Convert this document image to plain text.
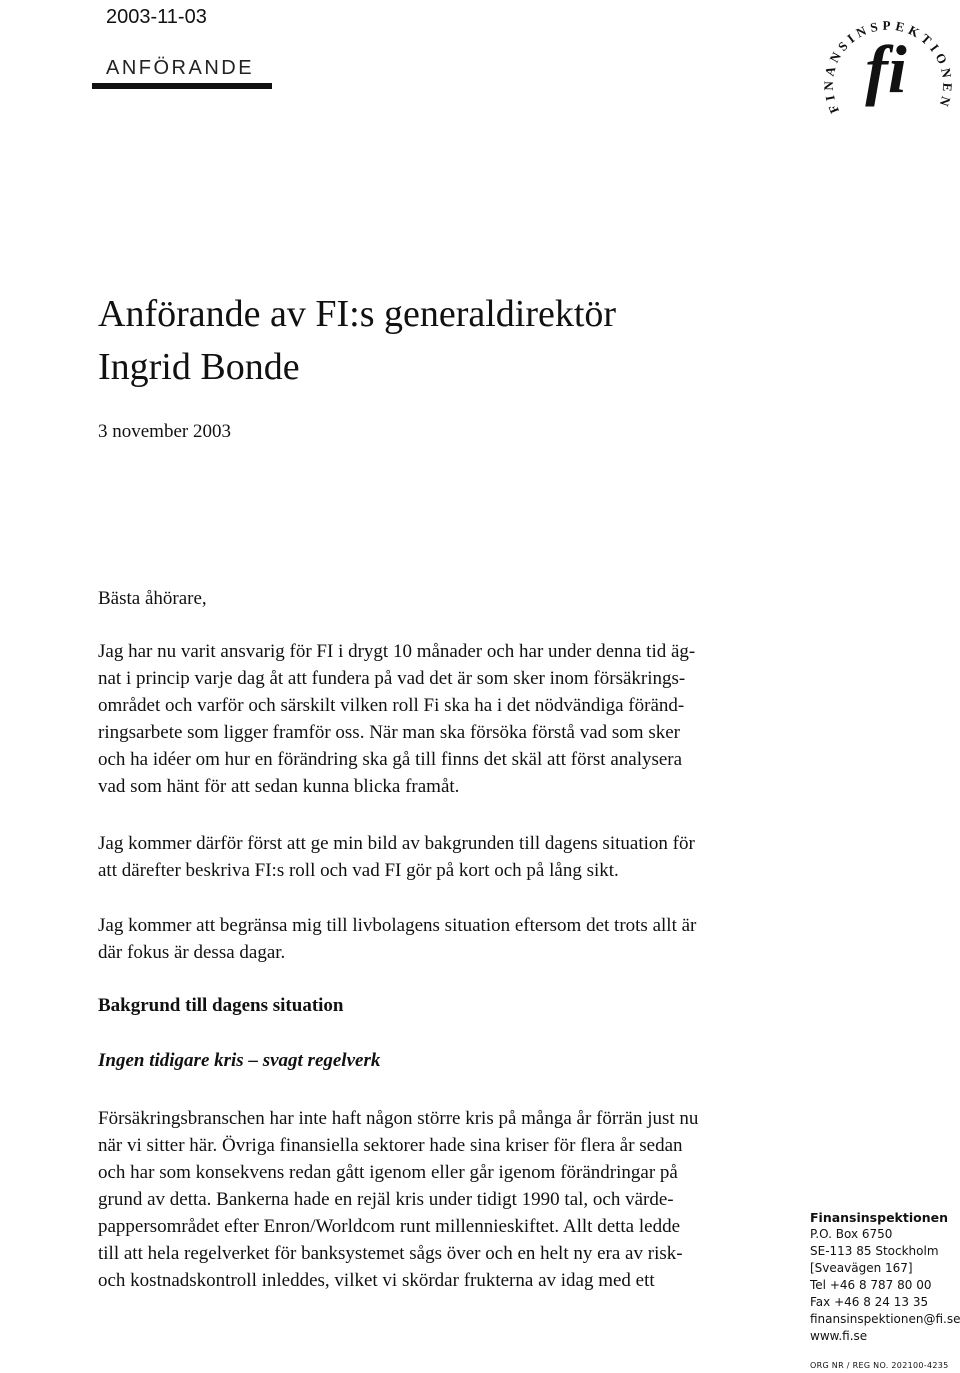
2003-11-03
ANFÖRANDE
FINANSINSPEKTIONEN
fi
Anförande av FI:s generaldirektör
Ingrid Bonde
3 november 2003

Bästa åhörare,

Jag har nu varit ansvarig för FI i drygt 10 månader och har under denna tid äg-
nat i princip varje dag åt att fundera på vad det är som sker inom försäkrings-
området och varför och särskilt vilken roll Fi ska ha i det nödvändiga föränd-
ringsarbete som ligger framför oss. När man ska försöka förstå vad som sker
och ha idéer om hur en förändring ska gå till finns det skäl att först analysera
vad som hänt för att sedan kunna blicka framåt.

Jag kommer därför först att ge min bild av bakgrunden till dagens situation för
att därefter beskriva FI:s roll och vad FI gör på kort och på lång sikt.

Jag kommer att begränsa mig till livbolagens situation eftersom det trots allt är
där fokus är dessa dagar.

Bakgrund till dagens situation
Ingen tidigare kris – svagt regelverk

Försäkringsbranschen har inte haft någon större kris på många år förrän just nu
när vi sitter här. Övriga finansiella sektorer hade sina kriser för flera år sedan
och har som konsekvens redan gått igenom eller går igenom förändringar på
grund av detta. Bankerna hade en rejäl kris under tidigt 1990 tal, och värde-
pappersområdet efter Enron/Worldcom runt millennieskiftet. Allt detta ledde
till att hela regelverket för banksystemet sågs över och en helt ny era av risk-
och kostnadskontroll inleddes, vilket vi skördar frukterna av idag med ett

Finansinspektionen
P.O. Box 6750
SE-113 85 Stockholm
[Sveavägen 167]
Tel +46 8 787 80 00
Fax +46 8 24 13 35
finansinspektionen@fi.se
www.fi.se
ORG NR / REG NO. 202100-4235
